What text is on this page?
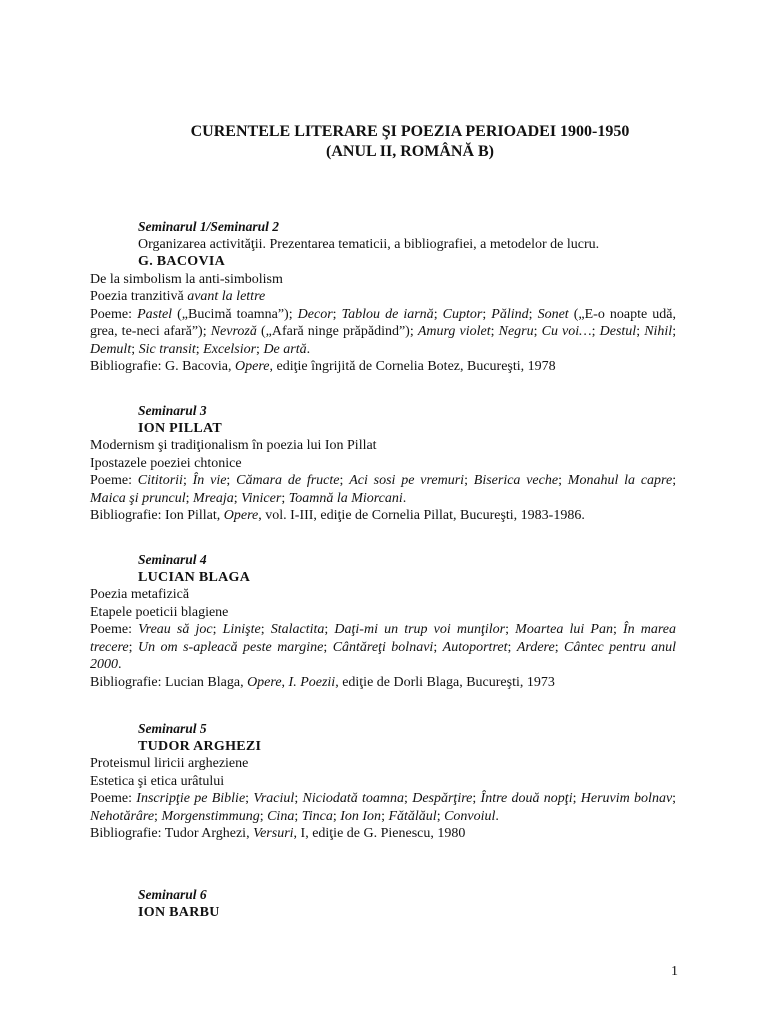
CURENTELE LITERARE ŞI POEZIA PERIOADEI 1900-1950
(ANUL II, ROMÂNĂ B)
Seminarul 1/Seminarul 2
Organizarea activităţii. Prezentarea tematicii, a bibliografiei, a metodelor de lucru.
G. BACOVIA
De la simbolism la anti-simbolism
Poezia tranzitivă avant la lettre
Poeme: Pastel („Bucimă toamna”); Decor; Tablou de iarnă; Cuptor; Pălind; Sonet („E-o noapte udă, grea, te-neci afară”); Nevroză („Afară ninge prăpădind”); Amurg violet; Negru; Cu voi…; Destul; Nihil; Demult; Sic transit; Excelsior; De artă.
Bibliografie: G. Bacovia, Opere, ediţie îngrijită de Cornelia Botez, Bucureşti, 1978
Seminarul 3
ION PILLAT
Modernism şi tradiţionalism în poezia lui Ion Pillat
Ipostazele poeziei chtonice
Poeme: Cititorii; În vie; Cămara de fructe; Aci sosi pe vremuri; Biserica veche; Monahul la capre; Maica şi pruncul; Mreaja; Vinicer; Toamnă la Miorcani.
Bibliografie: Ion Pillat, Opere, vol. I-III, ediţie de Cornelia Pillat, Bucureşti, 1983-1986.
Seminarul 4
LUCIAN BLAGA
Poezia metafizică
Etapele poeticii blagiene
Poeme: Vreau să joc; Linişte; Stalactita; Daţi-mi un trup voi munţilor; Moartea lui Pan; În marea trecere; Un om s-apleacă peste margine; Cântăreţi bolnavi; Autoportret; Ardere; Cântec pentru anul 2000.
Bibliografie: Lucian Blaga, Opere, I. Poezii, ediţie de Dorli Blaga, Bucureşti, 1973
Seminarul 5
TUDOR ARGHEZI
Proteismul liricii argheziene
Estetica şi etica urâtului
Poeme: Inscripţie pe Biblie; Vraciul; Niciodată toamna; Despărţire; Între două nopţi; Heruvim bolnav; Nehotărâre; Morgenstimmung; Cina; Tinca; Ion Ion; Fătălăul; Convoiul.
Bibliografie: Tudor Arghezi, Versuri, I, ediţie de G. Pienescu, 1980
Seminarul 6
ION BARBU
1
